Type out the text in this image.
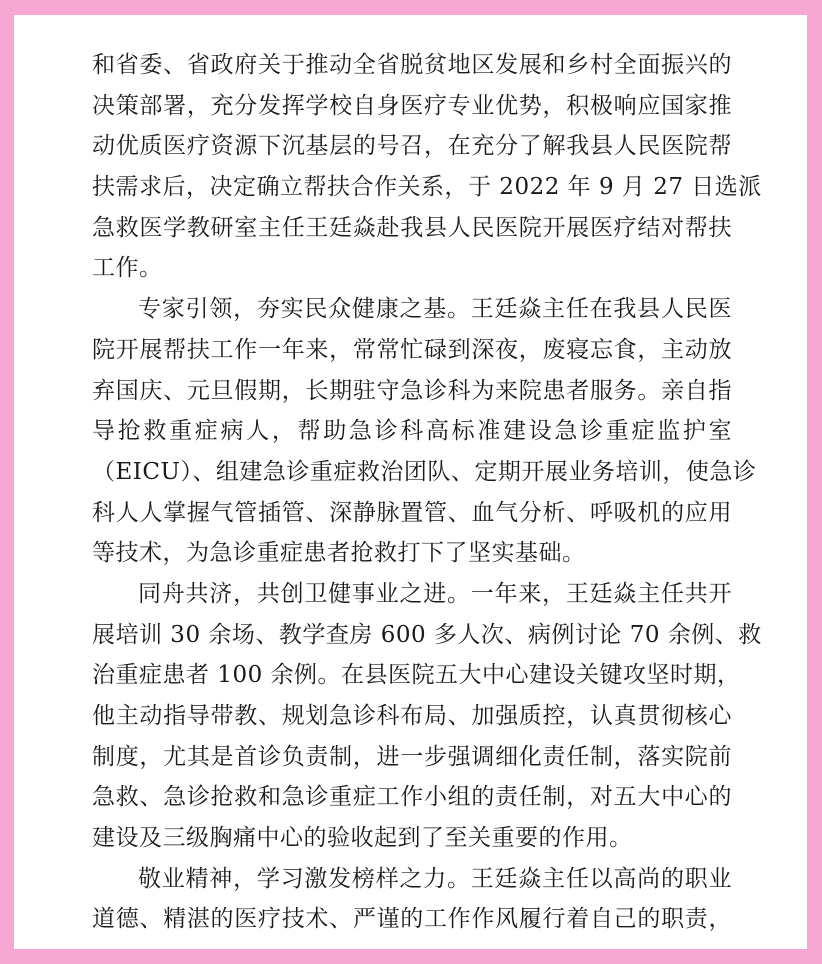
和省委、省政府关于推动全省脱贫地区发展和乡村全面振兴的
决策部署，充分发挥学校自身医疗专业优势，积极响应国家推
动优质医疗资源下沉基层的号召，在充分了解我县人民医院帮
扶需求后，决定确立帮扶合作关系，于 2022 年 9 月 27 日选派
急救医学教研室主任王廷焱赴我县人民医院开展医疗结对帮扶
工作。
专家引领，夯实民众健康之基。王廷焱主任在我县人民医
院开展帮扶工作一年来，常常忙碌到深夜，废寝忘食，主动放
弃国庆、元旦假期，长期驻守急诊科为来院患者服务。亲自指
导抢救重症病人，帮助急诊科高标准建设急诊重症监护室
（EICU）、组建急诊重症救治团队、定期开展业务培训，使急诊
科人人掌握气管插管、深静脉置管、血气分析、呼吸机的应用
等技术，为急诊重症患者抢救打下了坚实基础。
同舟共济，共创卫健事业之进。一年来，王廷焱主任共开
展培训 30 余场、教学查房 600 多人次、病例讨论 70 余例、救
治重症患者 100 余例。在县医院五大中心建设关键攻坚时期，
他主动指导带教、规划急诊科布局、加强质控，认真贯彻核心
制度，尤其是首诊负责制，进一步强调细化责任制，落实院前
急救、急诊抢救和急诊重症工作小组的责任制，对五大中心的
建设及三级胸痛中心的验收起到了至关重要的作用。
敬业精神，学习激发榜样之力。王廷焱主任以高尚的职业
道德、精湛的医疗技术、严谨的工作作风履行着自己的职责，
